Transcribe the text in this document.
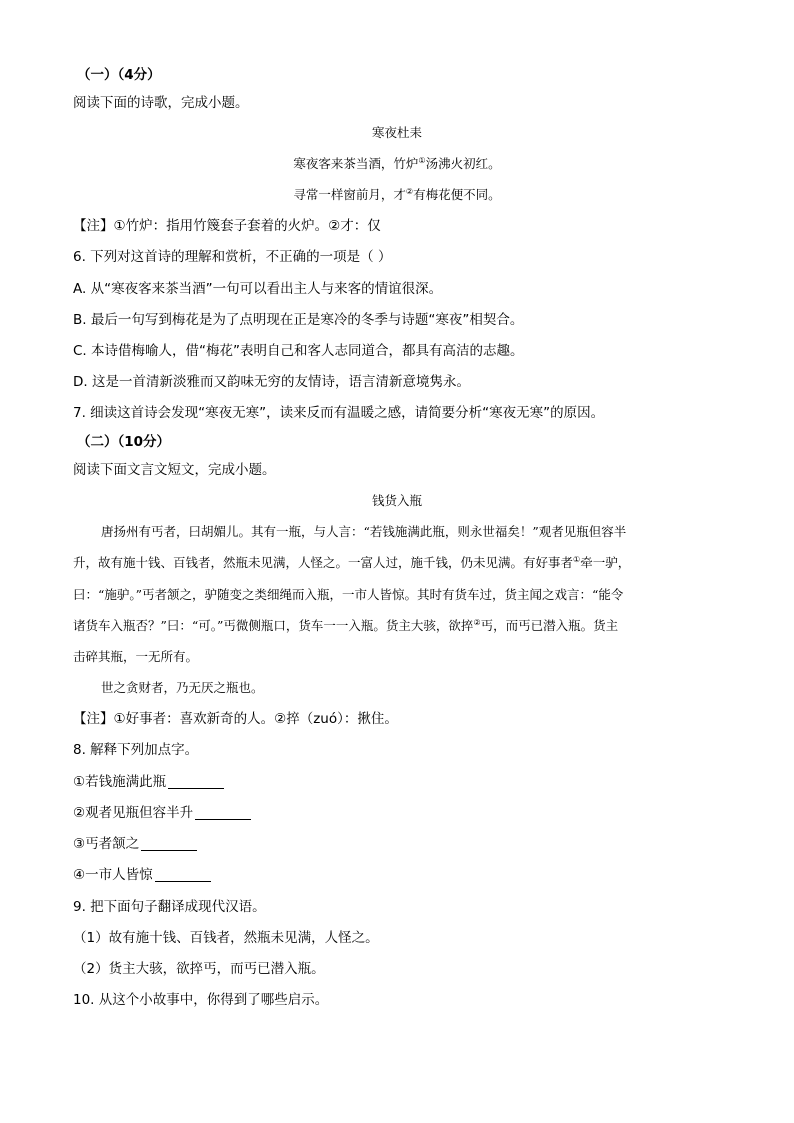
（一）（4分）
阅读下面的诗歌，完成小题。
寒夜杜耒
寒夜客来茶当酒，竹炉①汤沸火初红。
寻常一样窗前月，才②有梅花便不同。
【注】①竹炉：指用竹篾套子套着的火炉。②才：仅
6. 下列对这首诗的理解和赏析，不正确的一项是（ ）
A. 从“寒夜客来茶当酒”一句可以看出主人与来客的情谊很深。
B. 最后一句写到梅花是为了点明现在正是寒冷的冬季与诗题“寒夜”相契合。
C. 本诗借梅喻人，借“梅花”表明自己和客人志同道合，都具有高洁的志趣。
D. 这是一首清新淡雅而又韵味无穷的友情诗，语言清新意境隽永。
7. 细读这首诗会发现“寒夜无寒”，读来反而有温暖之感，请简要分析“寒夜无寒”的原因。
（二）（10分）
阅读下面文言文短文，完成小题。
钱货入瓶
唐扬州有丐者，曰胡媚儿。其有一瓶，与人言：“若钱施满此瓶，则永世福矣！”观者见瓶但容半
升，故有施十钱、百钱者，然瓶未见满，人怪之。一富人过，施千钱，仍未见满。有好事者①牵一驴，
曰：“施驴。”丐者颔之，驴随变之类细绳而入瓶，一市人皆惊。其时有货车过，货主闻之戏言：“能令
诸货车入瓶否？”曰：“可。”丐微侧瓶口，货车一一入瓶。货主大骇，欲捽②丐，而丐已潜入瓶。货主
击碎其瓶，一无所有。
世之贪财者，乃无厌之瓶也。
【注】①好事者：喜欢新奇的人。②捽（zuó）：揪住。
8. 解释下列加点字。
①若钱施满此瓶
②观者见瓶但容半升
③丐者颔之
④一市人皆惊
9. 把下面句子翻译成现代汉语。
（1）故有施十钱、百钱者，然瓶未见满，人怪之。
（2）货主大骇，欲捽丐，而丐已潜入瓶。
10. 从这个小故事中，你得到了哪些启示。
